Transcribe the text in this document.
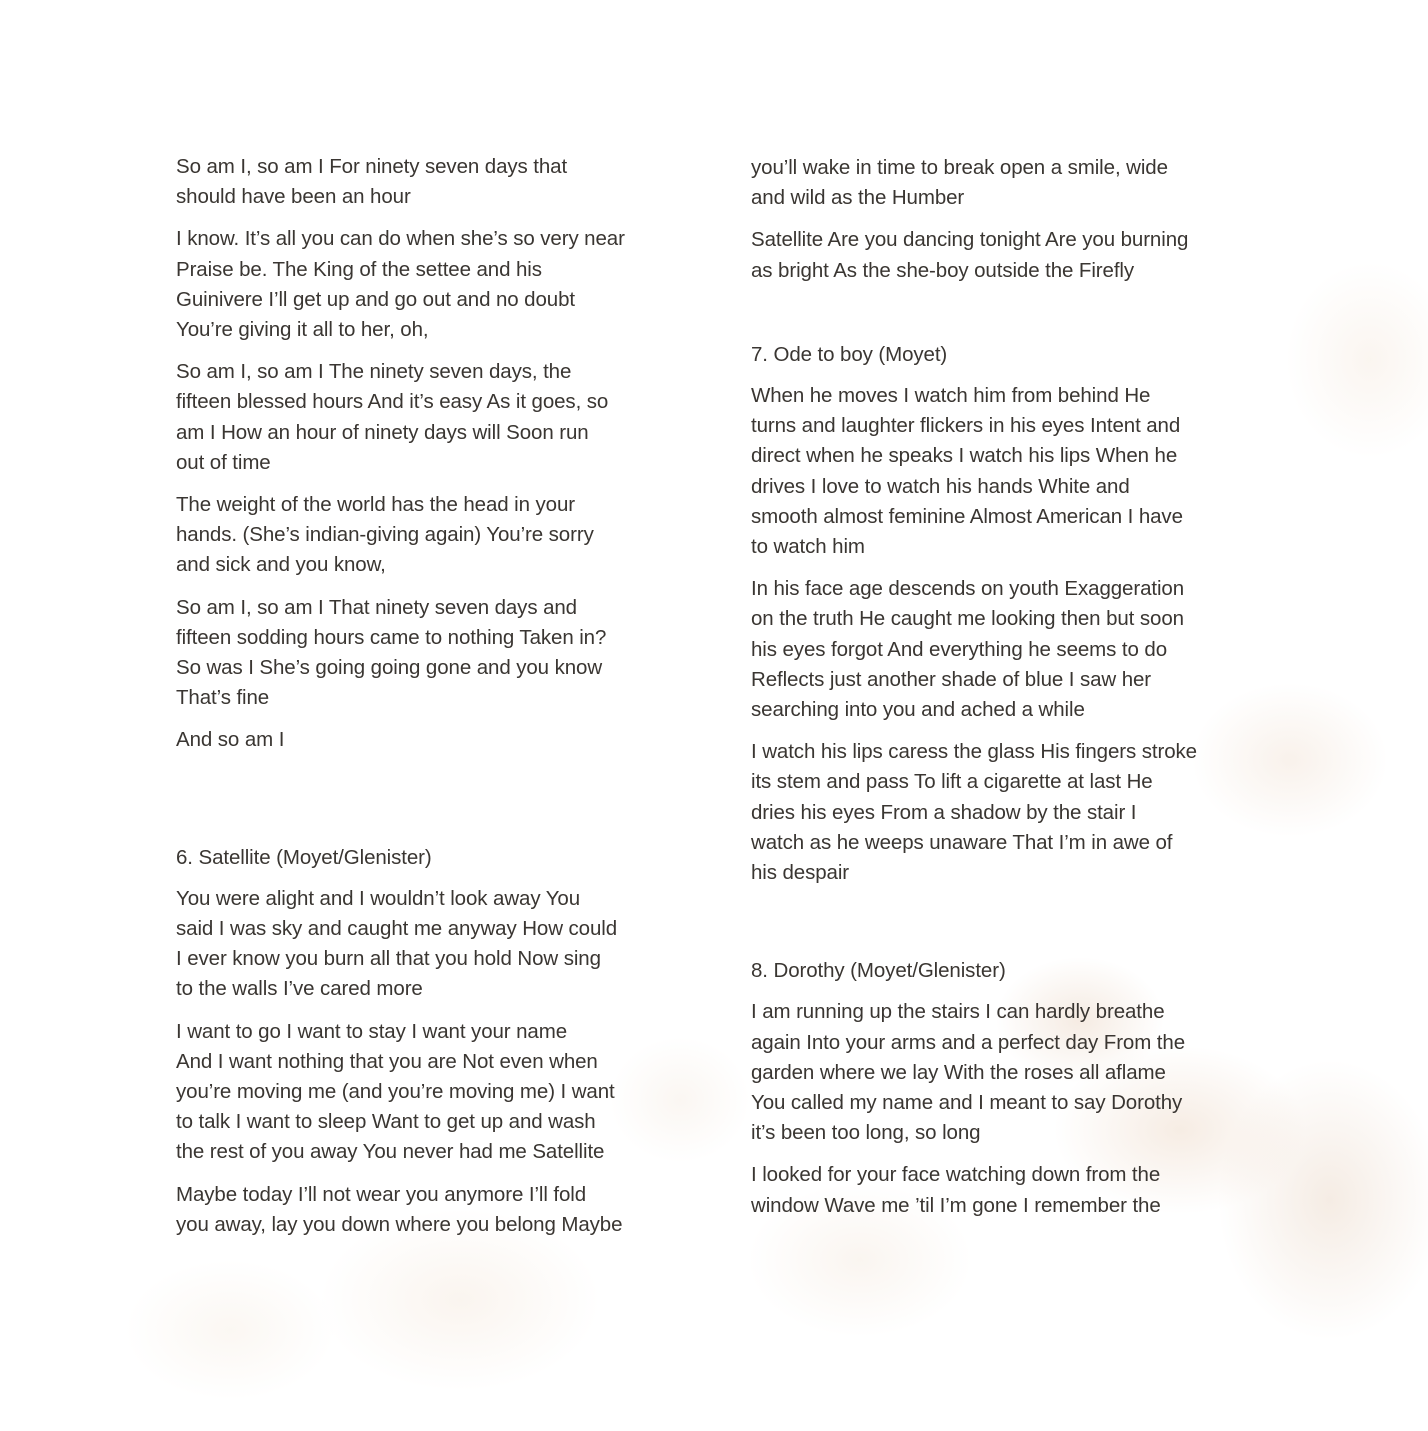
So am I, so am I For ninety seven days that
should have been an hour
I know. It’s all you can do when she’s so very near
Praise be. The King of the settee and his
Guinivere I’ll get up and go out and no doubt
You’re giving it all to her, oh,
So am I, so am I The ninety seven days, the
fifteen blessed hours And it’s easy As it goes, so
am I How an hour of ninety days will Soon run
out of time
The weight of the world has the head in your
hands. (She’s indian-giving again) You’re sorry
and sick and you know,
So am I, so am I That ninety seven days and
fifteen sodding hours came to nothing Taken in?
So was I She’s going going gone and you know
That’s fine
And so am I
6. Satellite (Moyet/Glenister)
You were alight and I wouldn’t look away You
said I was sky and caught me anyway How could
I ever know you burn all that you hold Now sing
to the walls I’ve cared more
I want to go I want to stay I want your name
And I want nothing that you are Not even when
you’re moving me (and you’re moving me) I want
to talk I want to sleep Want to get up and wash
the rest of you away You never had me Satellite
Maybe today I’ll not wear you anymore I’ll fold
you away, lay you down where you belong Maybe
you’ll wake in time to break open a smile, wide
and wild as the Humber
Satellite Are you dancing tonight Are you burning
as bright As the she-boy outside the Firefly
7. Ode to boy (Moyet)
When he moves I watch him from behind He
turns and laughter flickers in his eyes Intent and
direct when he speaks I watch his lips When he
drives I love to watch his hands White and
smooth almost feminine Almost American I have
to watch him
In his face age descends on youth Exaggeration
on the truth He caught me looking then but soon
his eyes forgot And everything he seems to do
Reflects just another shade of blue I saw her
searching into you and ached a while
I watch his lips caress the glass His fingers stroke
its stem and pass To lift a cigarette at last He
dries his eyes From a shadow by the stair I
watch as he weeps unaware That I’m in awe of
his despair
8. Dorothy (Moyet/Glenister)
I am running up the stairs I can hardly breathe
again Into your arms and a perfect day From the
garden where we lay With the roses all aflame
You called my name and I meant to say Dorothy
it’s been too long, so long
I looked for your face watching down from the
window Wave me ’til I’m gone I remember the
